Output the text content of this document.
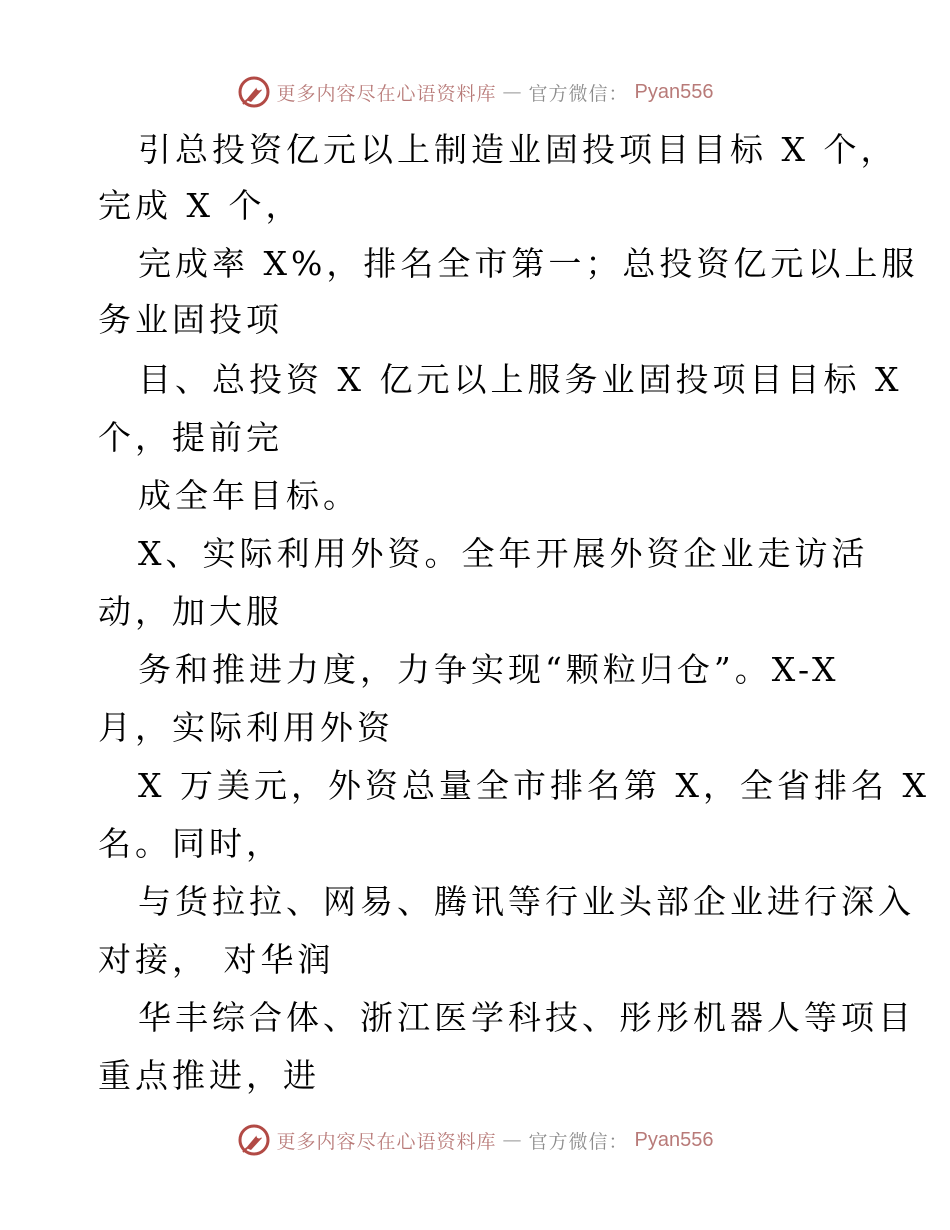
更多内容尽在心语资料库 — 官方微信： Pyan556
引总投资亿元以上制造业固投项目目标 X 个，
完成 X 个，
完成率 X%，排名全市第一；总投资亿元以上服
务业固投项
目、总投资 X 亿元以上服务业固投项目目标 X
个，提前完
成全年目标。
X、实际利用外资。全年开展外资企业走访活
动，加大服
务和推进力度，力争实现“颗粒归仓”。X-X
月，实际利用外资
X 万美元，外资总量全市排名第 X，全省排名 X
名。同时，
与货拉拉、网易、腾讯等行业头部企业进行深入
对接， 对华润
华丰综合体、浙江医学科技、彤彤机器人等项目
重点推进，进
更多内容尽在心语资料库 — 官方微信： Pyan556
